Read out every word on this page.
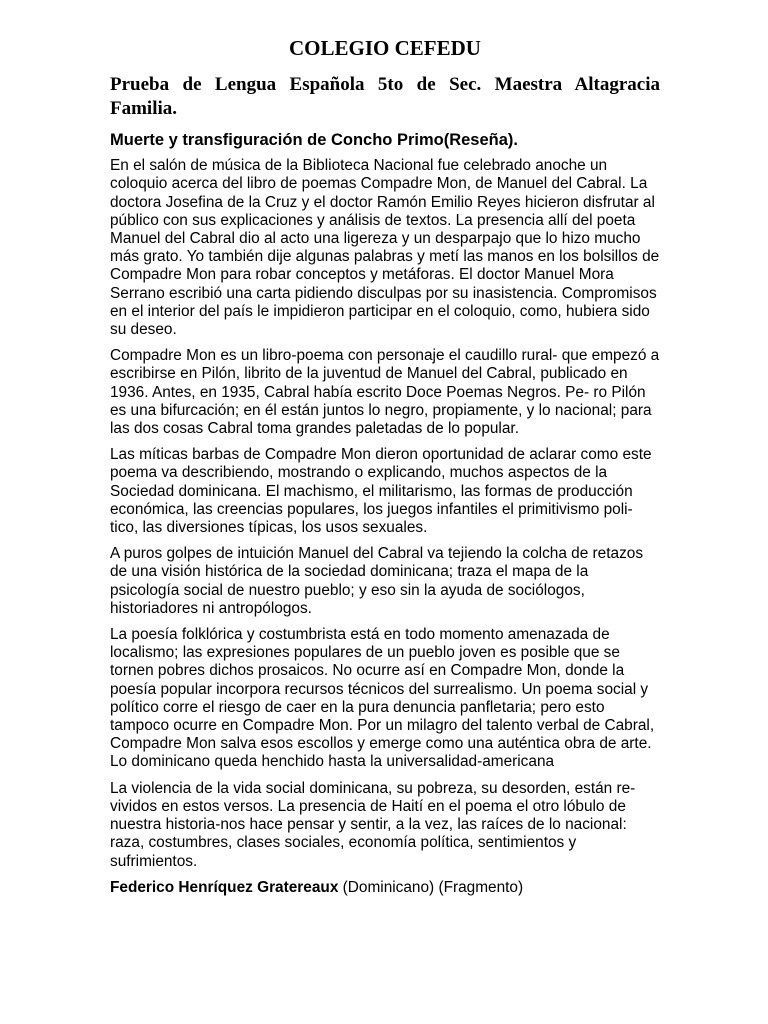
COLEGIO CEFEDU
Prueba de Lengua Española 5to de Sec. Maestra Altagracia Familia.
Muerte y transfiguración de Concho Primo(Reseña).

En el salón de música de la Biblioteca Nacional fue celebrado anoche un coloquio acerca del libro de poemas Compadre Mon, de Manuel del Cabral. La doctora Josefina de la Cruz y el doctor Ramón Emilio Reyes hicieron disfrutar al público con sus explicaciones y análisis de textos. La presencia allí del poeta Manuel del Cabral dio al acto una ligereza y un desparpajo que lo hizo mucho más grato. Yo también dije algunas palabras y metí las manos en los bolsillos de Compadre Mon para robar conceptos y metáforas. El doctor Manuel Mora Serrano escribió una carta pidiendo disculpas por su inasistencia. Compromisos en el interior del país le impidieron participar en el coloquio, como, hubiera sido su deseo.

Compadre Mon es un libro-poema con personaje el caudillo rural- que empezó a escribirse en Pilón, librito de la juventud de Manuel del Cabral, publicado en 1936. Antes, en 1935, Cabral había escrito Doce Poemas Negros. Pe- ro Pilón es una bifurcación; en él están juntos lo negro, propiamente, y lo nacional; para las dos cosas Cabral toma grandes paletadas de lo popular.

Las míticas barbas de Compadre Mon dieron oportunidad de aclarar como este poema va describiendo, mostrando o explicando, muchos aspectos de la Sociedad dominicana. El machismo, el militarismo, las formas de producción económica, las creencias populares, los juegos infantiles el primitivismo poli- tico, las diversiones típicas, los usos sexuales.

A puros golpes de intuición Manuel del Cabral va tejiendo la colcha de retazos de una visión histórica de la sociedad dominicana; traza el mapa de la psicología social de nuestro pueblo; y eso sin la ayuda de sociólogos, historiadores ni antropólogos.

La poesía folklórica y costumbrista está en todo momento amenazada de localismo; las expresiones populares de un pueblo joven es posible que se tornen pobres dichos prosaicos. No ocurre así en Compadre Mon, donde la poesía popular incorpora recursos técnicos del surrealismo. Un poema social y político corre el riesgo de caer en la pura denuncia panfletaria; pero esto tampoco ocurre en Compadre Mon. Por un milagro del talento verbal de Cabral, Compadre Mon salva esos escollos y emerge como una auténtica obra de arte. Lo dominicano queda henchido hasta la universalidad-americana

La violencia de la vida social dominicana, su pobreza, su desorden, están re- vividos en estos versos. La presencia de Haití en el poema el otro lóbulo de nuestra historia-nos hace pensar y sentir, a la vez, las raíces de lo nacional: raza, costumbres, clases sociales, economía política, sentimientos y sufrimientos.

Federico Henríquez Gratereaux (Dominicano) (Fragmento)
